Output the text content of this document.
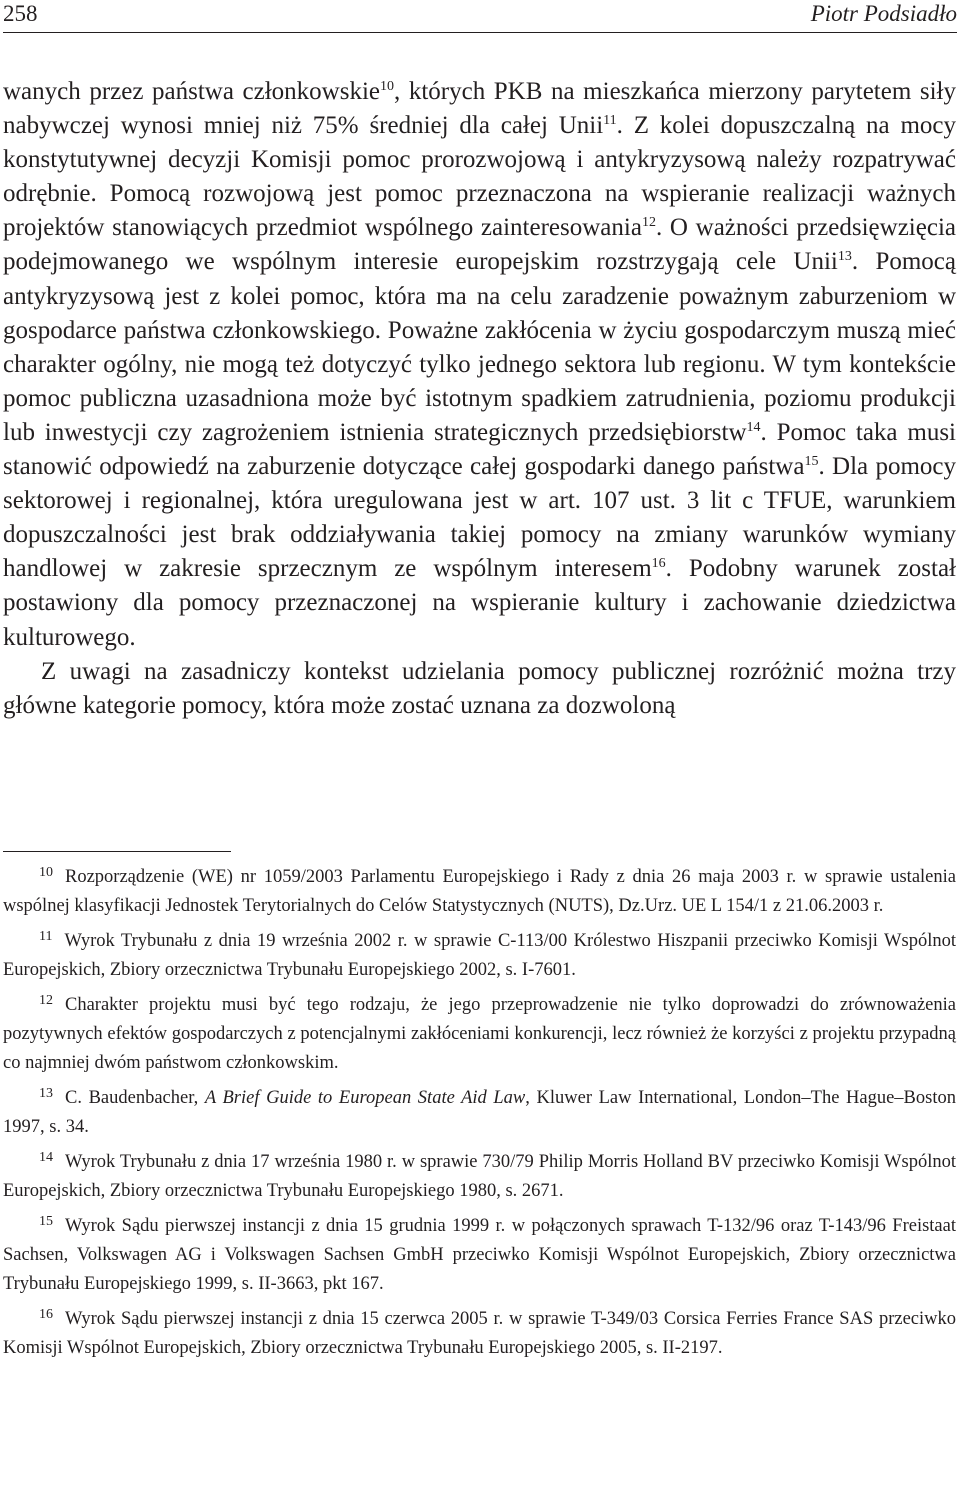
258	Piotr Podsiadło

wanych przez państwa członkowskie$^{10}$, których PKB na mieszkańca mierzony parytetem siły nabywczej wynosi mniej niż 75% średniej dla całej Unii$^{11}$. Z kolei dopuszczalną na mocy konstytutywnej decyzji Komisji pomoc prorozwojową i antykryzysową należy rozpatrywać odrębnie. Pomocą rozwojową jest pomoc przeznaczona na wspieranie realizacji ważnych projektów stanowiących przedmiot wspólnego zainteresowania$^{12}$. O ważności przedsięwzięcia podejmowanego we wspólnym interesie europejskim rozstrzygają cele Unii$^{13}$. Pomocą antykryzysową jest z kolei pomoc, która ma na celu zaradzenie poważnym zaburzeniom w gospodarce państwa członkowskiego. Poważne zakłócenia w życiu gospodarczym muszą mieć charakter ogólny, nie mogą też dotyczyć tylko jednego sektora lub regionu. W tym kontekście pomoc publiczna uzasadniona może być istotnym spadkiem zatrudnienia, poziomu produkcji lub inwestycji czy zagrożeniem istnienia strategicznych przedsiębiorstw$^{14}$. Pomoc taka musi stanowić odpowiedź na zaburzenie dotyczące całej gospodarki danego państwa$^{15}$. Dla pomocy sektorowej i regionalnej, która uregulowana jest w art. 107 ust. 3 lit c TFUE, warunkiem dopuszczalności jest brak oddziaływania takiej pomocy na zmiany warunków wymiany handlowej w zakresie sprzecznym ze wspólnym interesem$^{16}$. Podobny warunek został postawiony dla pomocy przeznaczonej na wspieranie kultury i zachowanie dziedzictwa kulturowego.

Z uwagi na zasadniczy kontekst udzielania pomocy publicznej rozróżnić można trzy główne kategorie pomocy, która może zostać uznana za dozwoloną

10 Rozporządzenie (WE) nr 1059/2003 Parlamentu Europejskiego i Rady z dnia 26 maja 2003 r. w sprawie ustalenia wspólnej klasyfikacji Jednostek Terytorialnych do Celów Statystycznych (NUTS), Dz.Urz. UE L 154/1 z 21.06.2003 r.

11 Wyrok Trybunału z dnia 19 września 2002 r. w sprawie C-113/00 Królestwo Hiszpanii przeciwko Komisji Wspólnot Europejskich, Zbiory orzecznictwa Trybunału Europejskiego 2002, s. I-7601.

12 Charakter projektu musi być tego rodzaju, że jego przeprowadzenie nie tylko doprowadzi do zrównoważenia pozytywnych efektów gospodarczych z potencjalnymi zakłóceniami konkurencji, lecz również że korzyści z projektu przypadną co najmniej dwóm państwom członkowskim.

13 C. Baudenbacher, A Brief Guide to European State Aid Law, Kluwer Law International, London–The Hague–Boston 1997, s. 34.

14 Wyrok Trybunału z dnia 17 września 1980 r. w sprawie 730/79 Philip Morris Holland BV przeciwko Komisji Wspólnot Europejskich, Zbiory orzecznictwa Trybunału Europejskiego 1980, s. 2671.

15 Wyrok Sądu pierwszej instancji z dnia 15 grudnia 1999 r. w połączonych sprawach T-132/96 oraz T-143/96 Freistaat Sachsen, Volkswagen AG i Volkswagen Sachsen GmbH przeciwko Komisji Wspólnot Europejskich, Zbiory orzecznictwa Trybunału Europejskiego 1999, s. II-3663, pkt 167.

16 Wyrok Sądu pierwszej instancji z dnia 15 czerwca 2005 r. w sprawie T-349/03 Corsica Ferries France SAS przeciwko Komisji Wspólnot Europejskich, Zbiory orzecznictwa Trybunału Europejskiego 2005, s. II-2197.
